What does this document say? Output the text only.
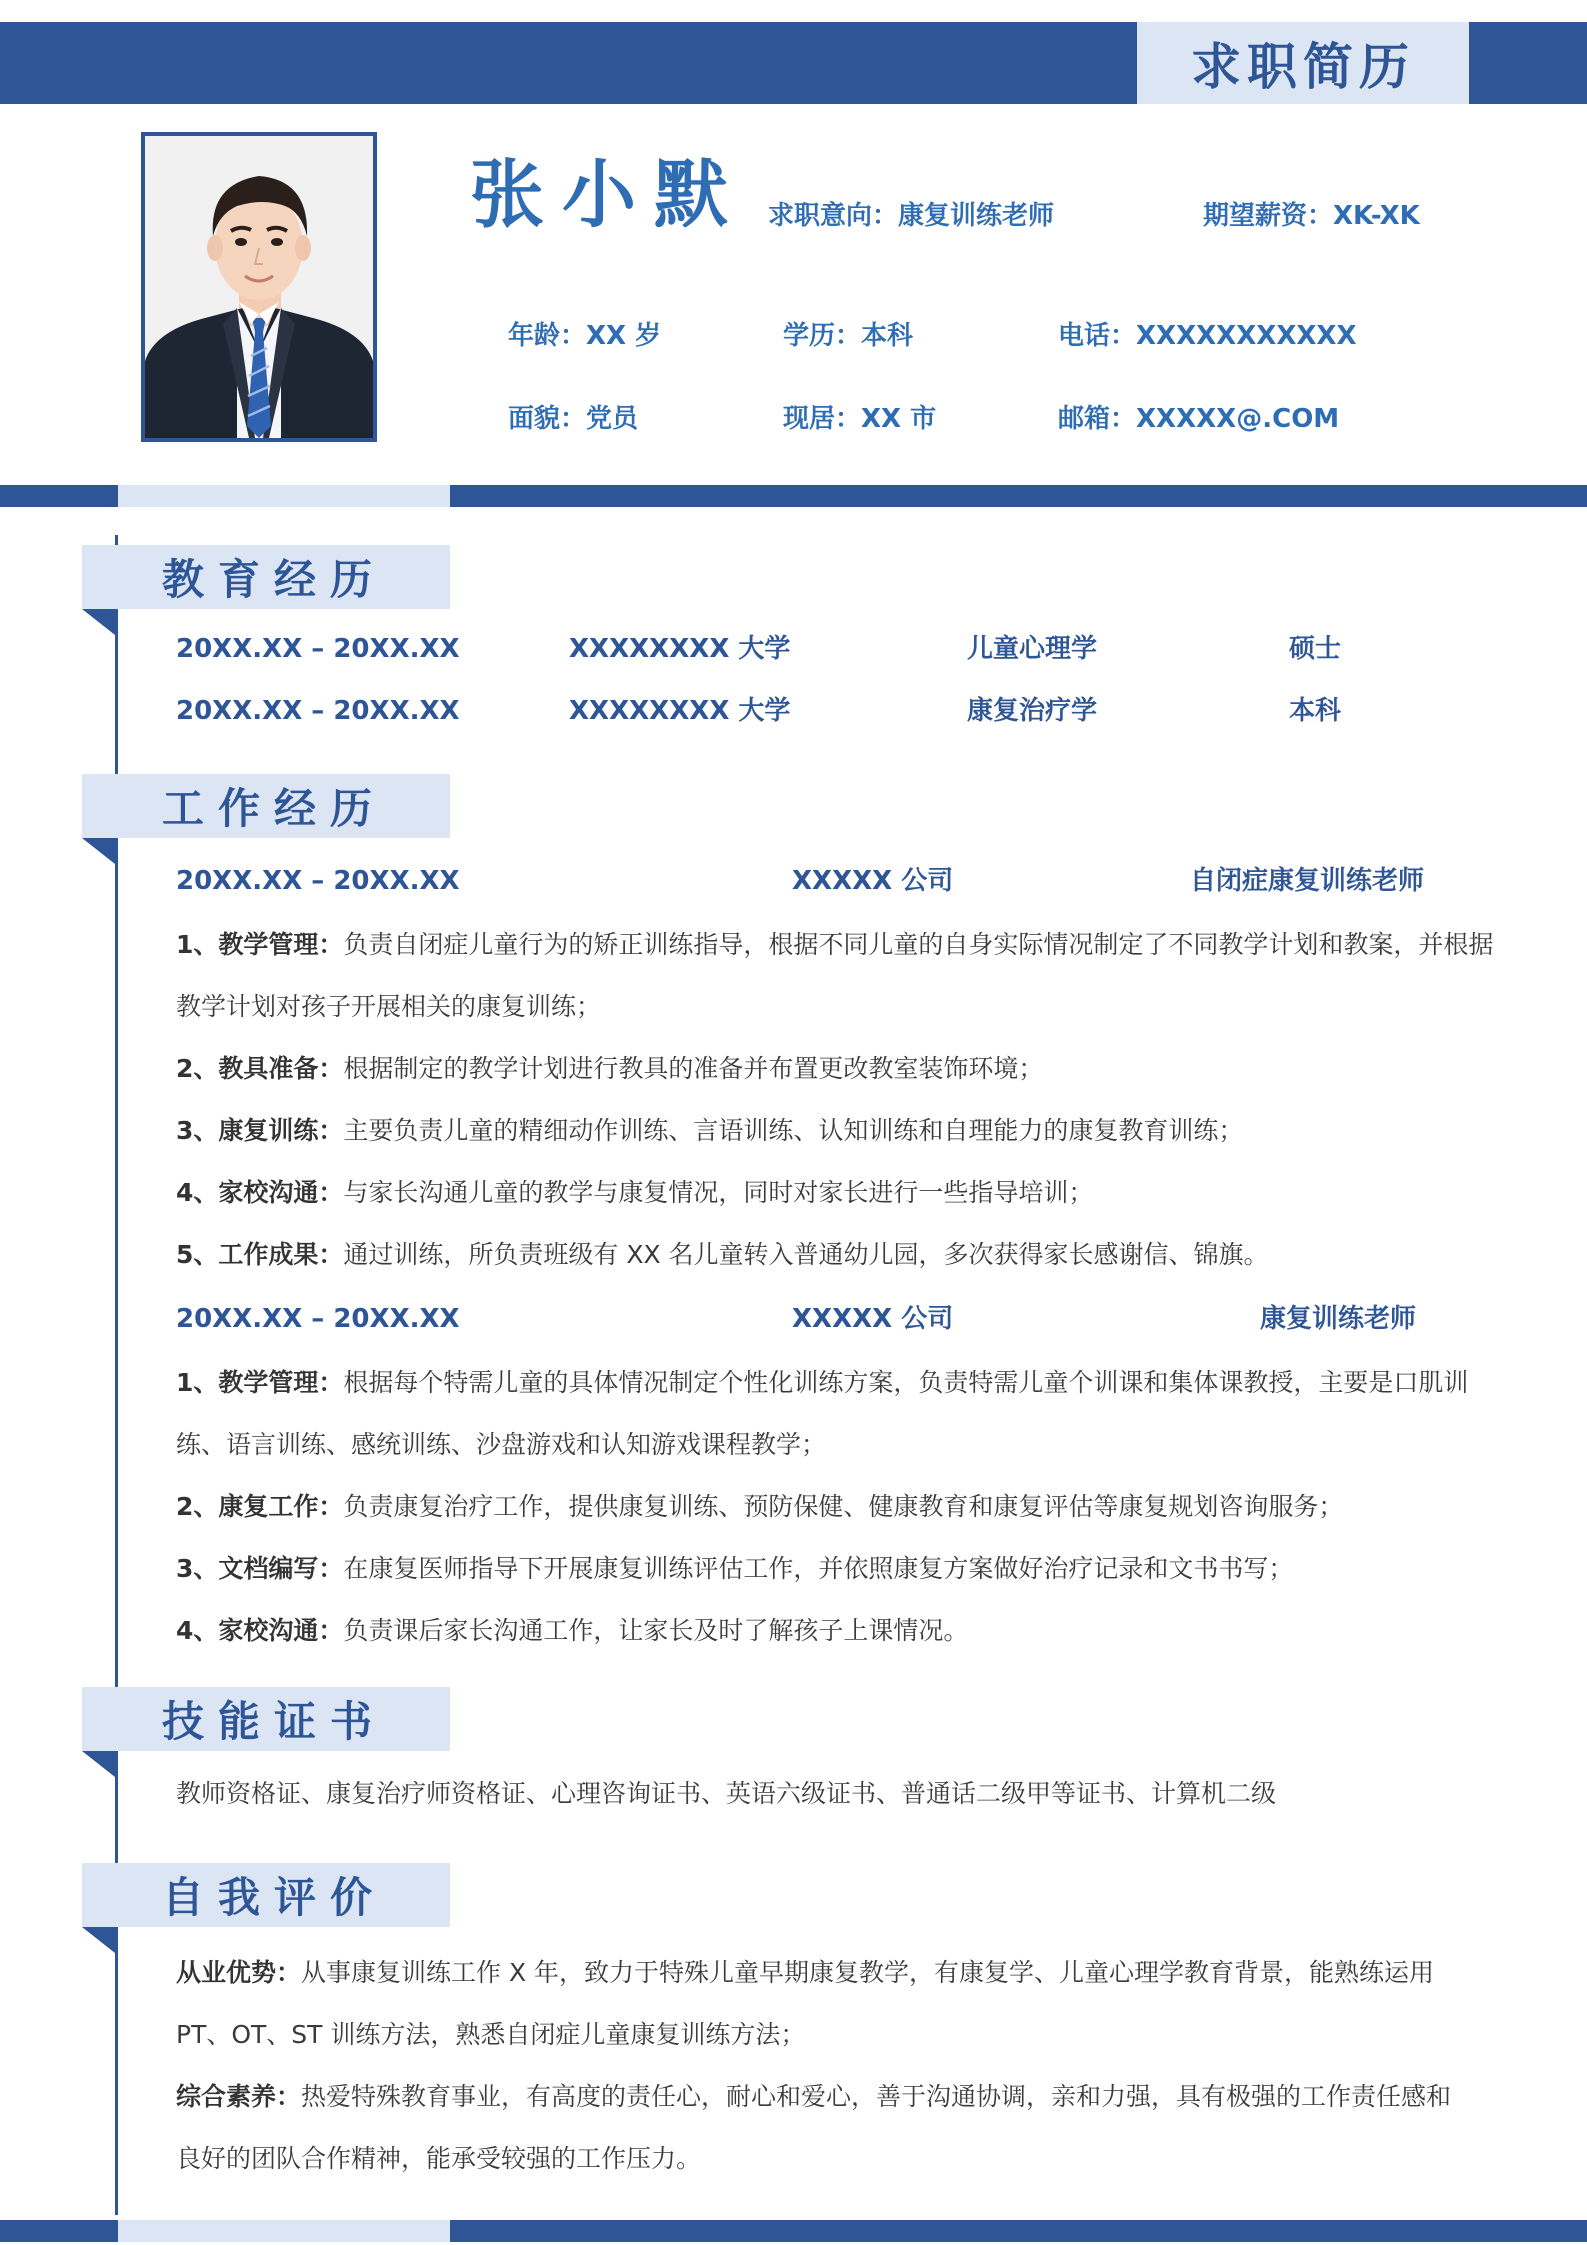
求职简历
张小默 求职意向：康复训练老师	期望薪资：XK-XK
年龄：XX 岁	学历：本科	电话：XXXXXXXXXXX
面貌：党员	现居：XX 市	邮箱：XXXXX@.COM
教育经历
20XX.XX – 20XX.XX	XXXXXXXX 大学	儿童心理学	硕士
20XX.XX – 20XX.XX	XXXXXXXX 大学	康复治疗学	本科
工作经历
20XX.XX – 20XX.XX	XXXXX 公司	自闭症康复训练老师
1、教学管理：负责自闭症儿童行为的矫正训练指导，根据不同儿童的自身实际情况制定了不同教学计划和教案，并根据教学计划对孩子开展相关的康复训练；
2、教具准备：根据制定的教学计划进行教具的准备并布置更改教室装饰环境；
3、康复训练：主要负责儿童的精细动作训练、言语训练、认知训练和自理能力的康复教育训练；
4、家校沟通：与家长沟通儿童的教学与康复情况，同时对家长进行一些指导培训；
5、工作成果：通过训练，所负责班级有 XX 名儿童转入普通幼儿园，多次获得家长感谢信、锦旗。
20XX.XX – 20XX.XX	XXXXX 公司	康复训练老师
1、教学管理：根据每个特需儿童的具体情况制定个性化训练方案，负责特需儿童个训课和集体课教授，主要是口肌训练、语言训练、感统训练、沙盘游戏和认知游戏课程教学；
2、康复工作：负责康复治疗工作，提供康复训练、预防保健、健康教育和康复评估等康复规划咨询服务；
3、文档编写：在康复医师指导下开展康复训练评估工作，并依照康复方案做好治疗记录和文书书写；
4、家校沟通：负责课后家长沟通工作，让家长及时了解孩子上课情况。
技能证书
教师资格证、康复治疗师资格证、心理咨询证书、英语六级证书、普通话二级甲等证书、计算机二级
自我评价
从业优势：从事康复训练工作 X 年，致力于特殊儿童早期康复教学，有康复学、儿童心理学教育背景，能熟练运用 PT、OT、ST 训练方法，熟悉自闭症儿童康复训练方法；
综合素养：热爱特殊教育事业，有高度的责任心，耐心和爱心，善于沟通协调，亲和力强，具有极强的工作责任感和良好的团队合作精神，能承受较强的工作压力。
